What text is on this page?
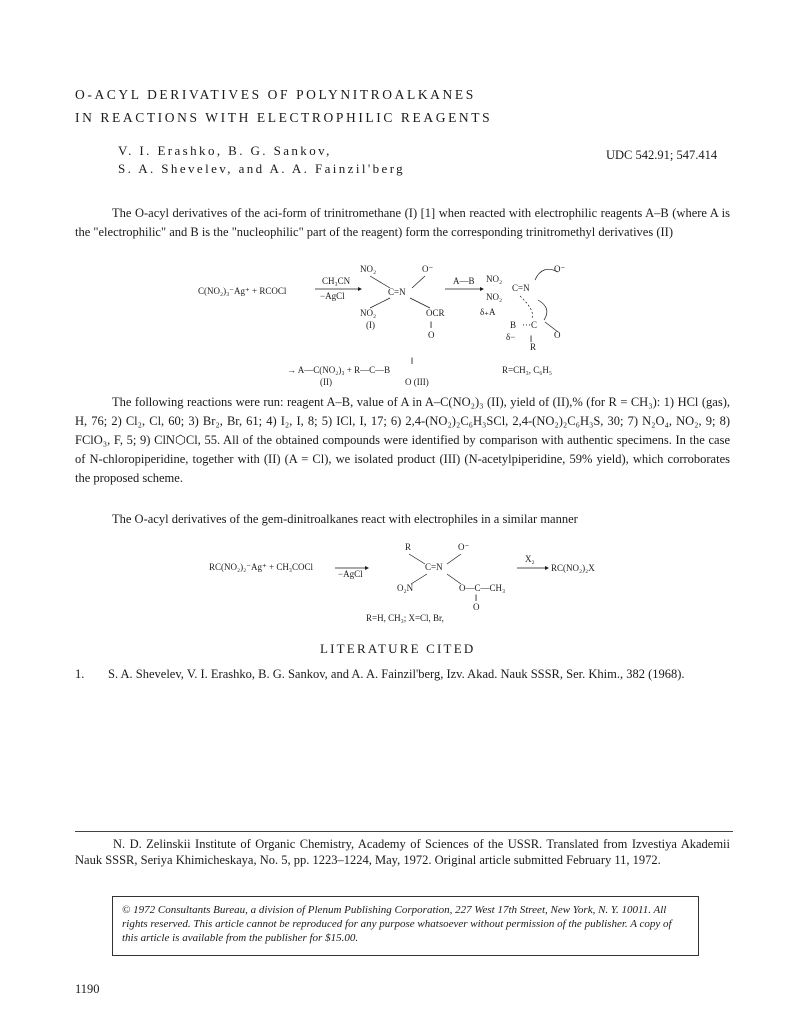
O-ACYL DERIVATIVES OF POLYNITROALKANES
IN REACTIONS WITH ELECTROPHILIC REAGENTS
V. I. Erashko, B. G. Sankov,
S. A. Shevelev, and A. A. Fainzil'berg
UDC 542.91; 547.414

The O-acyl derivatives of the aci-form of trinitromethane (I) [1] when reacted with electrophilic reagents A–B (where A is the "electrophilic" and B is the "nucleophilic" part of the reagent) form the corresponding trinitromethyl derivatives (II)

C(NO₂)₃⁻Ag⁺ + RCOCl
CH₃CN
−AgCl
NO₂	O⁻
C=N
NO₂	OCR
(I)	‖
O
A—B NO₂
NO₂
C=N
O⁻
δ₊A
B ···C
O
δ− ‖
R
→ A—C(NO₂)₃ + R—C—B
‖
(II)	O (III)
R=CH₃, C₆H₅

The following reactions were run: reagent A–B, value of A in A–C(NO₂)₃ (II), yield of (II),% (for R = CH₃): 1) HCl (gas), H, 76; 2) Cl₂, Cl, 60; 3) Br₂, Br, 61; 4) I₂, I, 8; 5) ICl, I, 17; 6) 2,4-(NO₂)₂C₆H₃SCl, 2,4-(NO₂)₂C₆H₃S, 30; 7) N₂O₄, NO₂, 9; 8) FClO₃, F, 5; 9) ClN⬡Cl, 55. All of the obtained compounds were identified by comparison with authentic specimens. In the case of N-chloropiperidine, together with (II) (A = Cl), we isolated product (III) (N-acetylpiperidine, 59% yield), which corroborates the proposed scheme.

The O-acyl derivatives of the gem-dinitroalkanes react with electrophiles in a similar manner

R	O⁻
RC(NO₂)₂⁻Ag⁺ + CH₃COCl
−AgCl
C=N
O₂N	O—C—CH₃
‖
O
X₂
RC(NO₂)₂X
R=H, CH₃; X=Cl, Br,
LITERATURE CITED
1. S. A. Shevelev, V. I. Erashko, B. G. Sankov, and A. A. Fainzil'berg, Izv. Akad. Nauk SSSR, Ser. Khim., 382 (1968).
N. D. Zelinskii Institute of Organic Chemistry, Academy of Sciences of the USSR. Translated from Izvestiya Akademii Nauk SSSR, Seriya Khimicheskaya, No. 5, pp. 1223–1224, May, 1972. Original article submitted February 11, 1972.
© 1972 Consultants Bureau, a division of Plenum Publishing Corporation, 227 West 17th Street, New York, N. Y. 10011. All rights reserved. This article cannot be reproduced for any purpose whatsoever without permission of the publisher. A copy of this article is available from the publisher for $15.00.
1190
